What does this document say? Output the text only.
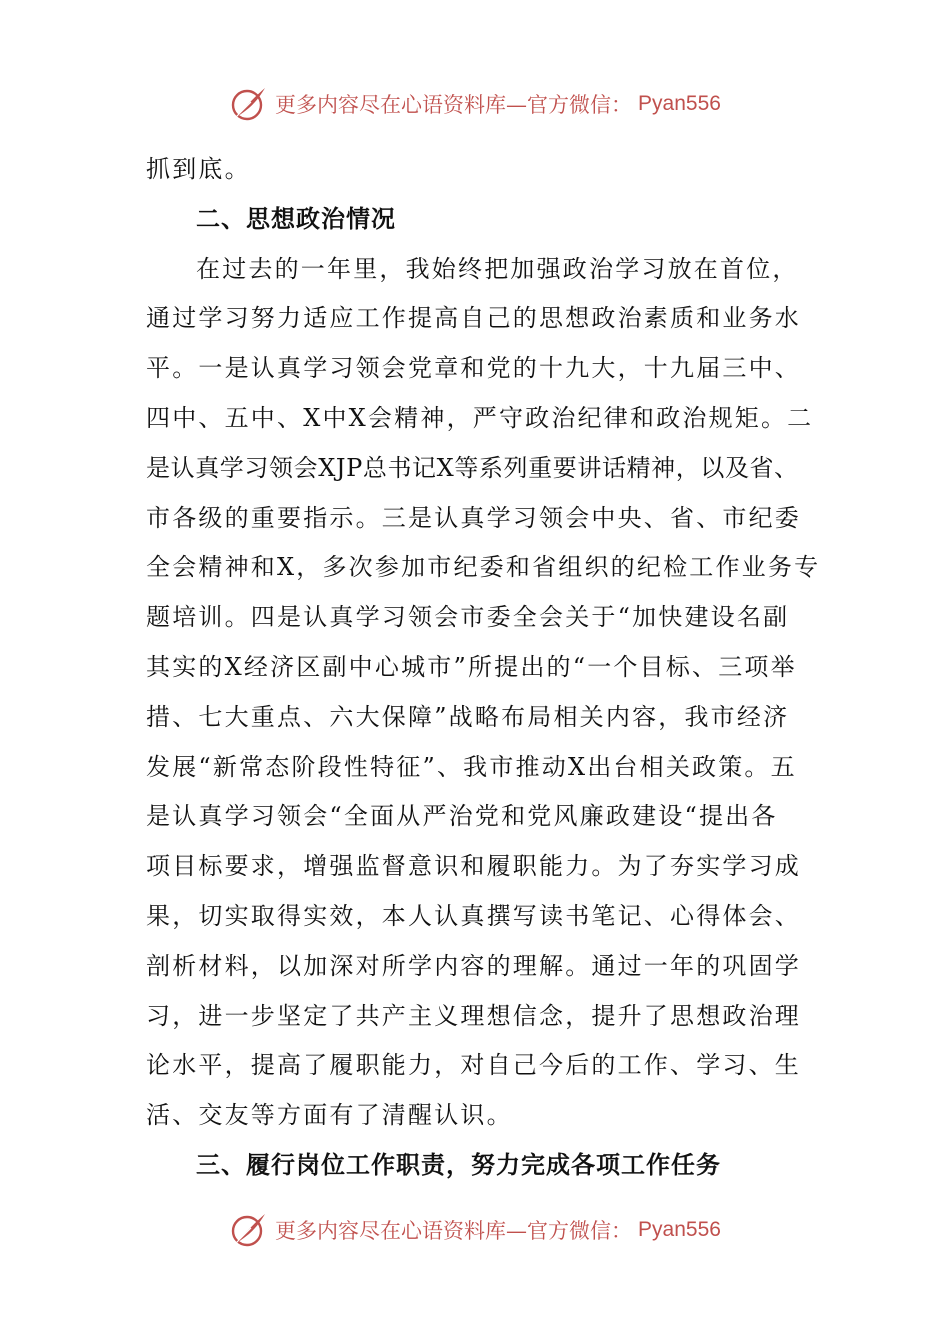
更多内容尽在心语资料库—官方微信： Pyan556
抓到底。
二、思想政治情况
在过去的一年里，我始终把加强政治学习放在首位，
通过学习努力适应工作提高自己的思想政治素质和业务水
平。一是认真学习领会党章和党的十九大，十九届三中、
四中、五中、X中X会精神，严守政治纪律和政治规矩。二
是认真学习领会XJP总书记X等系列重要讲话精神，以及省、
市各级的重要指示。三是认真学习领会中央、省、市纪委
全会精神和X，多次参加市纪委和省组织的纪检工作业务专
题培训。四是认真学习领会市委全会关于“加快建设名副
其实的X经济区副中心城市”所提出的“一个目标、三项举
措、七大重点、六大保障”战略布局相关内容，我市经济
发展“新常态阶段性特征”、我市推动X出台相关政策。五
是认真学习领会“全面从严治党和党风廉政建设“提出各
项目标要求，增强监督意识和履职能力。为了夯实学习成
果，切实取得实效，本人认真撰写读书笔记、心得体会、
剖析材料，以加深对所学内容的理解。通过一年的巩固学
习，进一步坚定了共产主义理想信念，提升了思想政治理
论水平，提高了履职能力，对自己今后的工作、学习、生
活、交友等方面有了清醒认识。
三、履行岗位工作职责，努力完成各项工作任务
更多内容尽在心语资料库—官方微信： Pyan556
